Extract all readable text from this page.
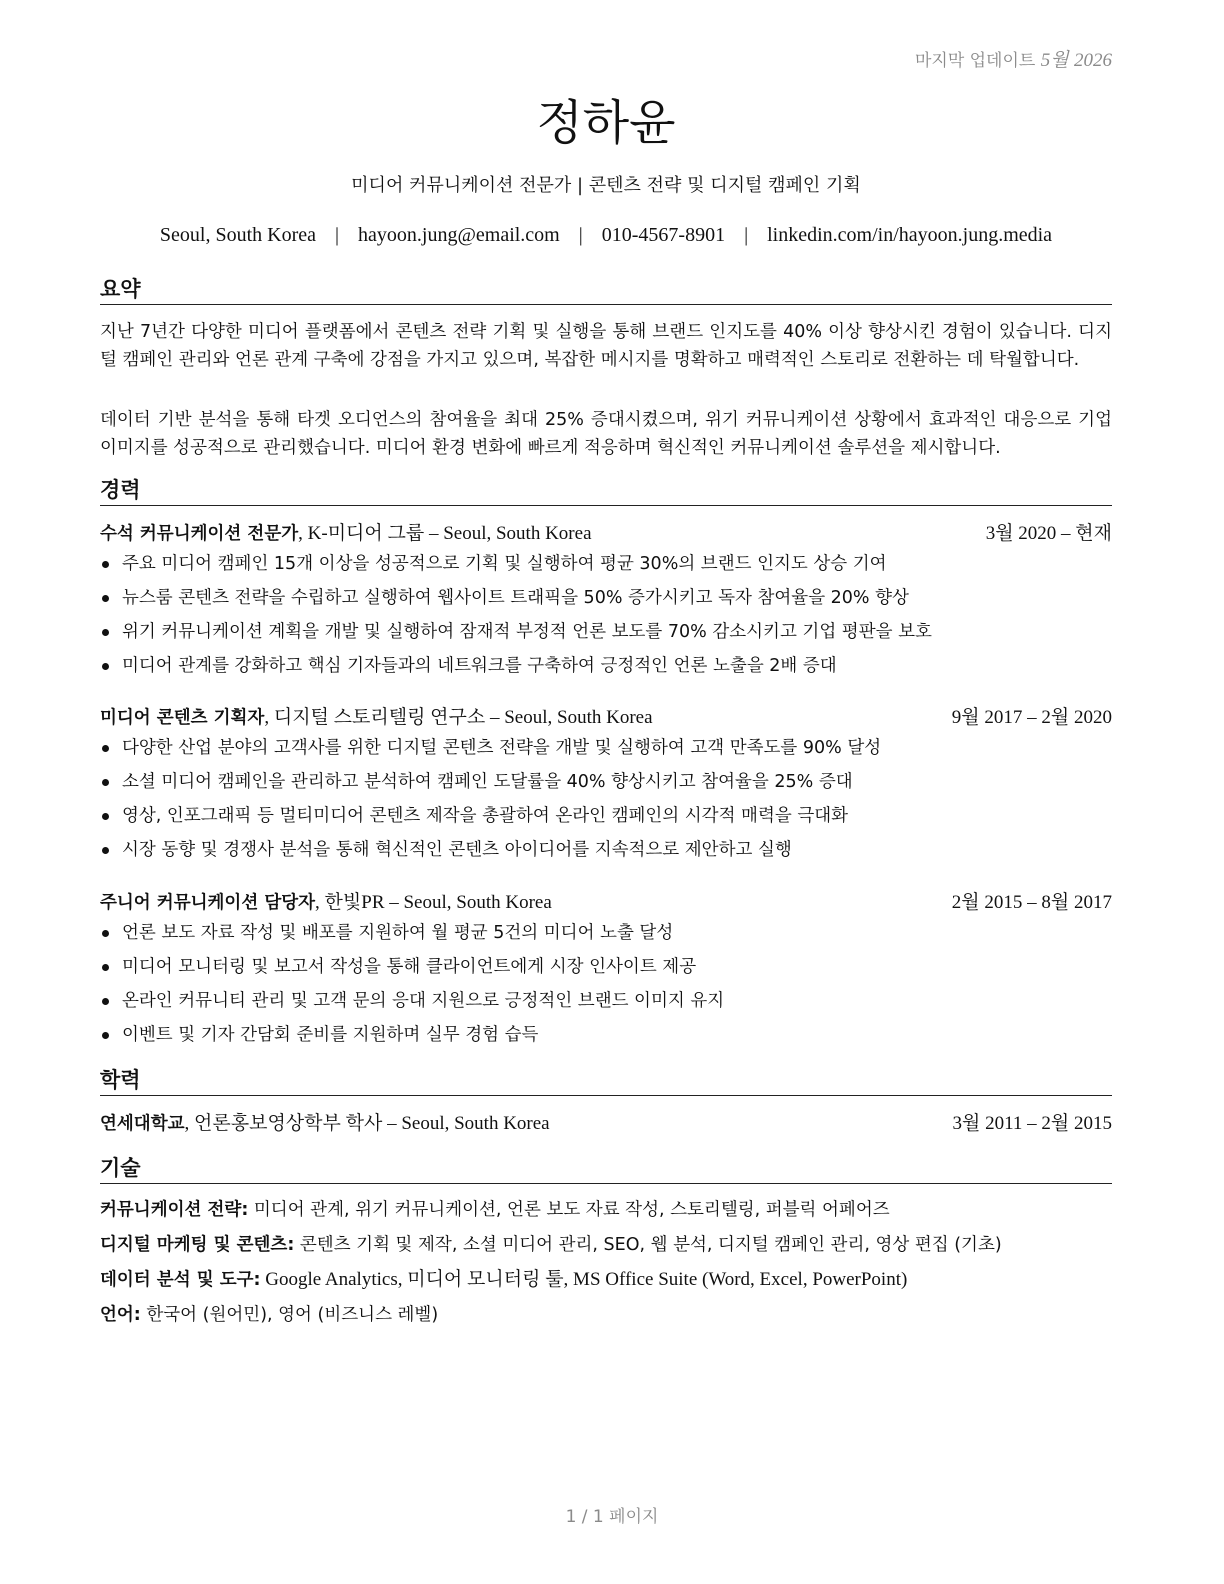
마지막 업데이트 5월 2026
정하윤
미디어 커뮤니케이션 전문가 | 콘텐츠 전략 및 디지털 캠페인 기획
Seoul, South Korea | hayoon.jung@email.com | 010-4567-8901 | linkedin.com/in/hayoon.jung.media
요약
지난 7년간 다양한 미디어 플랫폼에서 콘텐츠 전략 기획 및 실행을 통해 브랜드 인지도를 40% 이상 향상시킨 경험이 있습니다. 디지털 캠페인 관리와 언론 관계 구축에 강점을 가지고 있으며, 복잡한 메시지를 명확하고 매력적인 스토리로 전환하는 데 탁월합니다.
데이터 기반 분석을 통해 타겟 오디언스의 참여율을 최대 25% 증대시켰으며, 위기 커뮤니케이션 상황에서 효과적인 대응으로 기업 이미지를 성공적으로 관리했습니다. 미디어 환경 변화에 빠르게 적응하며 혁신적인 커뮤니케이션 솔루션을 제시합니다.
경력
수석 커뮤니케이션 전문가, K-미디어 그룹 – Seoul, South Korea	3월 2020 – 현재
주요 미디어 캠페인 15개 이상을 성공적으로 기획 및 실행하여 평균 30%의 브랜드 인지도 상승 기여
뉴스룸 콘텐츠 전략을 수립하고 실행하여 웹사이트 트래픽을 50% 증가시키고 독자 참여율을 20% 향상
위기 커뮤니케이션 계획을 개발 및 실행하여 잠재적 부정적 언론 보도를 70% 감소시키고 기업 평판을 보호
미디어 관계를 강화하고 핵심 기자들과의 네트워크를 구축하여 긍정적인 언론 노출을 2배 증대
미디어 콘텐츠 기획자, 디지털 스토리텔링 연구소 – Seoul, South Korea	9월 2017 – 2월 2020
다양한 산업 분야의 고객사를 위한 디지털 콘텐츠 전략을 개발 및 실행하여 고객 만족도를 90% 달성
소셜 미디어 캠페인을 관리하고 분석하여 캠페인 도달률을 40% 향상시키고 참여율을 25% 증대
영상, 인포그래픽 등 멀티미디어 콘텐츠 제작을 총괄하여 온라인 캠페인의 시각적 매력을 극대화
시장 동향 및 경쟁사 분석을 통해 혁신적인 콘텐츠 아이디어를 지속적으로 제안하고 실행
주니어 커뮤니케이션 담당자, 한빛PR – Seoul, South Korea	2월 2015 – 8월 2017
언론 보도 자료 작성 및 배포를 지원하여 월 평균 5건의 미디어 노출 달성
미디어 모니터링 및 보고서 작성을 통해 클라이언트에게 시장 인사이트 제공
온라인 커뮤니티 관리 및 고객 문의 응대 지원으로 긍정적인 브랜드 이미지 유지
이벤트 및 기자 간담회 준비를 지원하며 실무 경험 습득
학력
연세대학교, 언론홍보영상학부 학사 – Seoul, South Korea	3월 2011 – 2월 2015
기술
커뮤니케이션 전략: 미디어 관계, 위기 커뮤니케이션, 언론 보도 자료 작성, 스토리텔링, 퍼블릭 어페어즈
디지털 마케팅 및 콘텐츠: 콘텐츠 기획 및 제작, 소셜 미디어 관리, SEO, 웹 분석, 디지털 캠페인 관리, 영상 편집 (기초)
데이터 분석 및 도구: Google Analytics, 미디어 모니터링 툴, MS Office Suite (Word, Excel, PowerPoint)
언어: 한국어 (원어민), 영어 (비즈니스 레벨)
1 / 1 페이지
